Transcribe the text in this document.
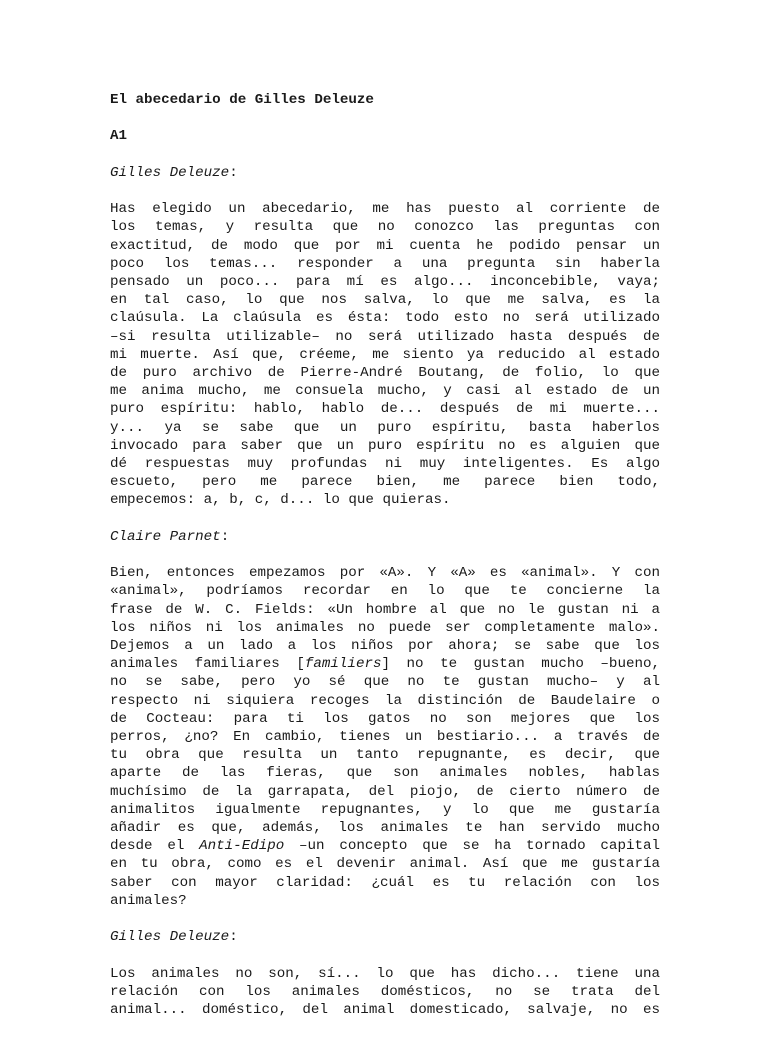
El abecedario de Gilles Deleuze
A1
Gilles Deleuze:
Has elegido un abecedario, me has puesto al corriente de
los temas, y resulta que no conozco las preguntas con
exactitud, de modo que por mi cuenta he podido pensar un
poco los temas... responder a una pregunta sin haberla
pensado un poco... para mí es algo... inconcebible, vaya;
en tal caso, lo que nos salva, lo que me salva, es la
claúsula. La claúsula es ésta: todo esto no será utilizado
–si resulta utilizable– no será utilizado hasta después de
mi muerte. Así que, créeme, me siento ya reducido al estado
de puro archivo de Pierre-André Boutang, de folio, lo que
me anima mucho, me consuela mucho, y casi al estado de un
puro espíritu: hablo, hablo de... después de mi muerte...
y... ya se sabe que un puro espíritu, basta haberlos
invocado para saber que un puro espíritu no es alguien que
dé respuestas muy profundas ni muy inteligentes. Es algo
escueto, pero me parece bien, me parece bien todo,
empecemos: a, b, c, d... lo que quieras.
Claire Parnet:
Bien, entonces empezamos por «A». Y «A» es «animal». Y con
«animal», podríamos recordar en lo que te concierne la
frase de W. C. Fields: «Un hombre al que no le gustan ni a
los niños ni los animales no puede ser completamente malo».
Dejemos a un lado a los niños por ahora; se sabe que los
animales familiares [familiers] no te gustan mucho –bueno,
no se sabe, pero yo sé que no te gustan mucho– y al
respecto ni siquiera recoges la distinción de Baudelaire o
de Cocteau: para ti los gatos no son mejores que los
perros, ¿no? En cambio, tienes un bestiario... a través de
tu obra que resulta un tanto repugnante, es decir, que
aparte de las fieras, que son animales nobles, hablas
muchísimo de la garrapata, del piojo, de cierto número de
animalitos igualmente repugnantes, y lo que me gustaría
añadir es que, además, los animales te han servido mucho
desde el Anti-Edipo –un concepto que se ha tornado capital
en tu obra, como es el devenir animal. Así que me gustaría
saber con mayor claridad: ¿cuál es tu relación con los
animales?
Gilles Deleuze:
Los animales no son, sí... lo que has dicho... tiene una
relación con los animales domésticos, no se trata del
animal... doméstico, del animal domesticado, salvaje, no es
